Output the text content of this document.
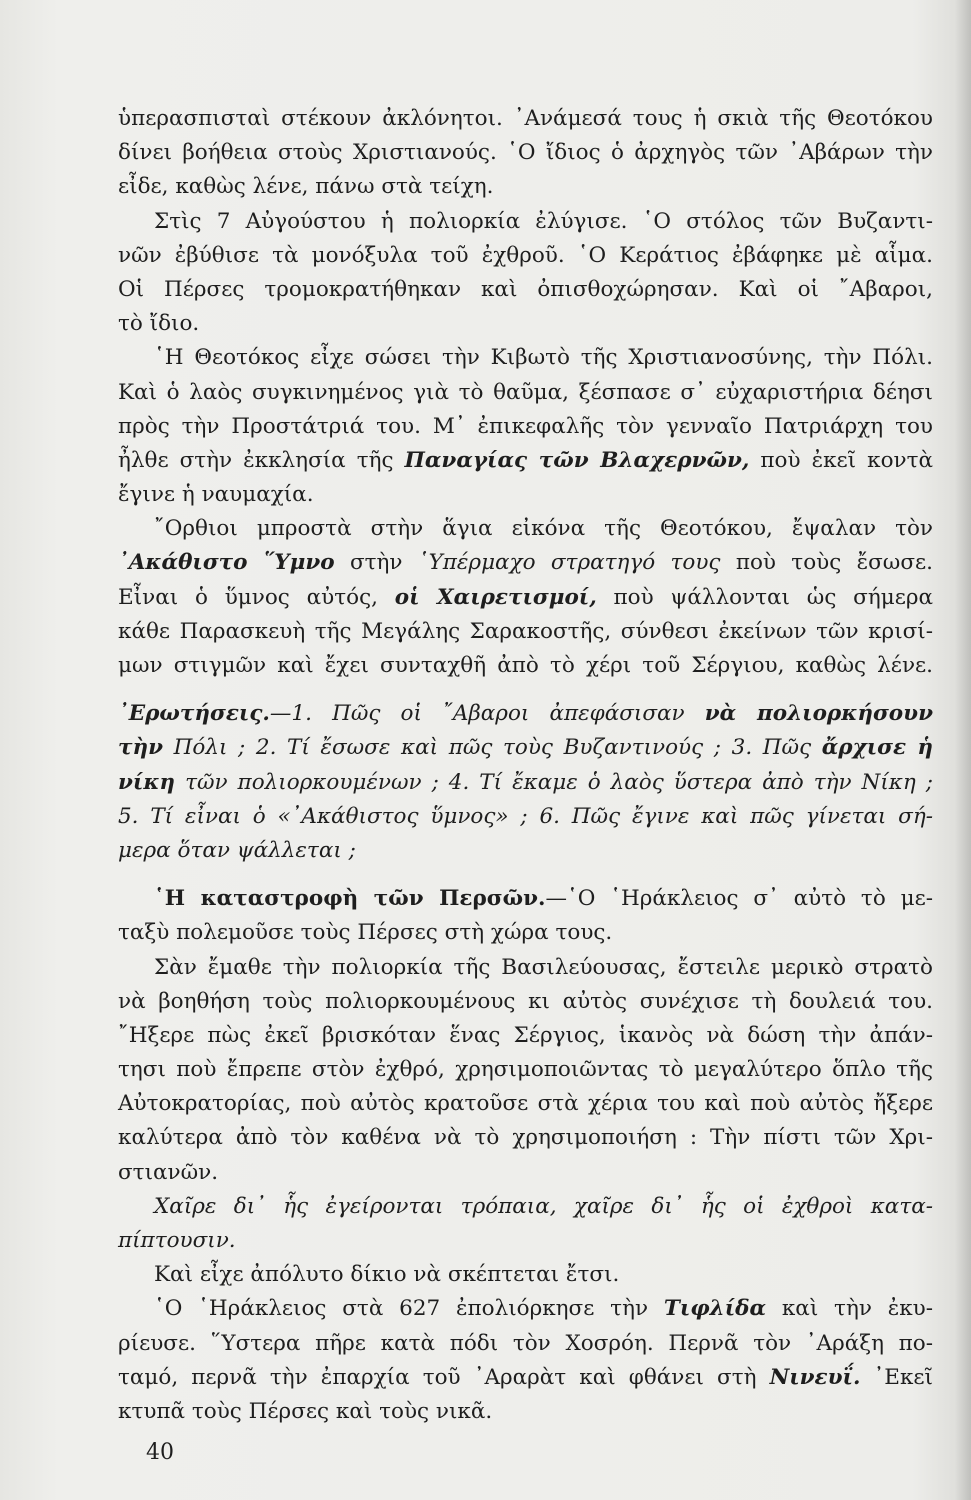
ὑπερασπισταὶ στέκουν ἀκλόνητοι. ᾿Ανάμεσά τους ἡ σκιὰ τῆς Θεοτόκου
δίνει βοήθεια στοὺς Χριστιανούς. ῾Ο ἴδιος ὁ ἀρχηγὸς τῶν ᾿Αβάρων τὴν
εἶδε, καθὼς λένε, πάνω στὰ τείχη.
Στὶς 7 Αὐγούστου ἡ πολιορκία ἐλύγισε. ῾Ο στόλος τῶν Βυζαντι-
νῶν ἐβύθισε τὰ μονόξυλα τοῦ ἐχθροῦ. ῾Ο Κεράτιος ἐβάφηκε μὲ αἷμα.
Οἱ Πέρσες τρομοκρατήθηκαν καὶ ὀπισθοχώρησαν. Καὶ οἱ ῎Αβαροι,
τὸ ἴδιο.
῾Η Θεοτόκος εἶχε σώσει τὴν Κιβωτὸ τῆς Χριστιανοσύνης, τὴν Πόλι.
Καὶ ὁ λαὸς συγκινημένος γιὰ τὸ θαῦμα, ξέσπασε σ᾿ εὐχαριστήρια δέησι
πρὸς τὴν Προστάτριά του. Μ᾿ ἐπικεφαλῆς τὸν γενναῖο Πατριάρχη του
ἦλθε στὴν ἐκκλησία τῆς Παναγίας τῶν Βλαχερνῶν, ποὺ ἐκεῖ κοντὰ
ἔγινε ἡ ναυμαχία.
῎Ορθιοι μπροστὰ στὴν ἅγια εἰκόνα τῆς Θεοτόκου, ἔψαλαν τὸν
᾿Ακάθιστο ῞Υμνο στὴν ῾Υπέρμαχο στρατηγό τους ποὺ τοὺς ἔσωσε.
Εἶναι ὁ ὕμνος αὐτός, οἱ Χαιρετισμοί, ποὺ ψάλλονται ὡς σήμερα
κάθε Παρασκευὴ τῆς Μεγάλης Σαρακοστῆς, σύνθεσι ἐκείνων τῶν κρισί-
μων στιγμῶν καὶ ἔχει συνταχθῆ ἀπὸ τὸ χέρι τοῦ Σέργιου, καθὼς λένε.
᾿Ερωτήσεις.—1. Πῶς οἱ ῎Αβαροι ἀπεφάσισαν νὰ πολιορκήσουν
τὴν Πόλι ; 2. Τί ἔσωσε καὶ πῶς τοὺς Βυζαντινούς ; 3. Πῶς ἄρχισε ἡ
νίκη τῶν πολιορκουμένων ; 4. Τί ἔκαμε ὁ λαὸς ὕστερα ἀπὸ τὴν Νίκη ;
5. Τί εἶναι ὁ «᾿Ακάθιστος ὕμνος» ; 6. Πῶς ἔγινε καὶ πῶς γίνεται σή-
μερα ὅταν ψάλλεται ;
῾Η καταστροφὴ τῶν Περσῶν.—῾Ο ῾Ηράκλειος σ᾿ αὐτὸ τὸ με-
ταξὺ πολεμοῦσε τοὺς Πέρσες στὴ χώρα τους.
Σὰν ἔμαθε τὴν πολιορκία τῆς Βασιλεύουσας, ἔστειλε μερικὸ στρατὸ
νὰ βοηθήση τοὺς πολιορκουμένους κι αὐτὸς συνέχισε τὴ δουλειά του.
῎Ηξερε πὼς ἐκεῖ βρισκόταν ἕνας Σέργιος, ἱκανὸς νὰ δώση τὴν ἀπάν-
τησι ποὺ ἔπρεπε στὸν ἐχθρό, χρησιμοποιῶντας τὸ μεγαλύτερο ὅπλο τῆς
Αὐτοκρατορίας, ποὺ αὐτὸς κρατοῦσε στὰ χέρια του καὶ ποὺ αὐτὸς ἤξερε
καλύτερα ἀπὸ τὸν καθένα νὰ τὸ χρησιμοποιήση : Τὴν πίστι τῶν Χρι-
στιανῶν.
Χαῖρε δι᾿ ἧς ἐγείρονται τρόπαια, χαῖρε δι᾿ ἧς οἱ ἐχθροὶ κατα-
πίπτουσιν.
Καὶ εἶχε ἀπόλυτο δίκιο νὰ σκέπτεται ἔτσι.
῾Ο ῾Ηράκλειος στὰ 627 ἐπολιόρκησε τὴν Τιφλίδα καὶ τὴν ἐκυ-
ρίευσε. ῞Υστερα πῆρε κατὰ πόδι τὸν Χοσρόη. Περνᾶ τὸν ᾿Αράξη πο-
ταμό, περνᾶ τὴν ἐπαρχία τοῦ ᾿Αραρὰτ καὶ φθάνει στὴ Νινευΐ. ᾿Εκεῖ
κτυπᾶ τοὺς Πέρσες καὶ τοὺς νικᾶ.
40
